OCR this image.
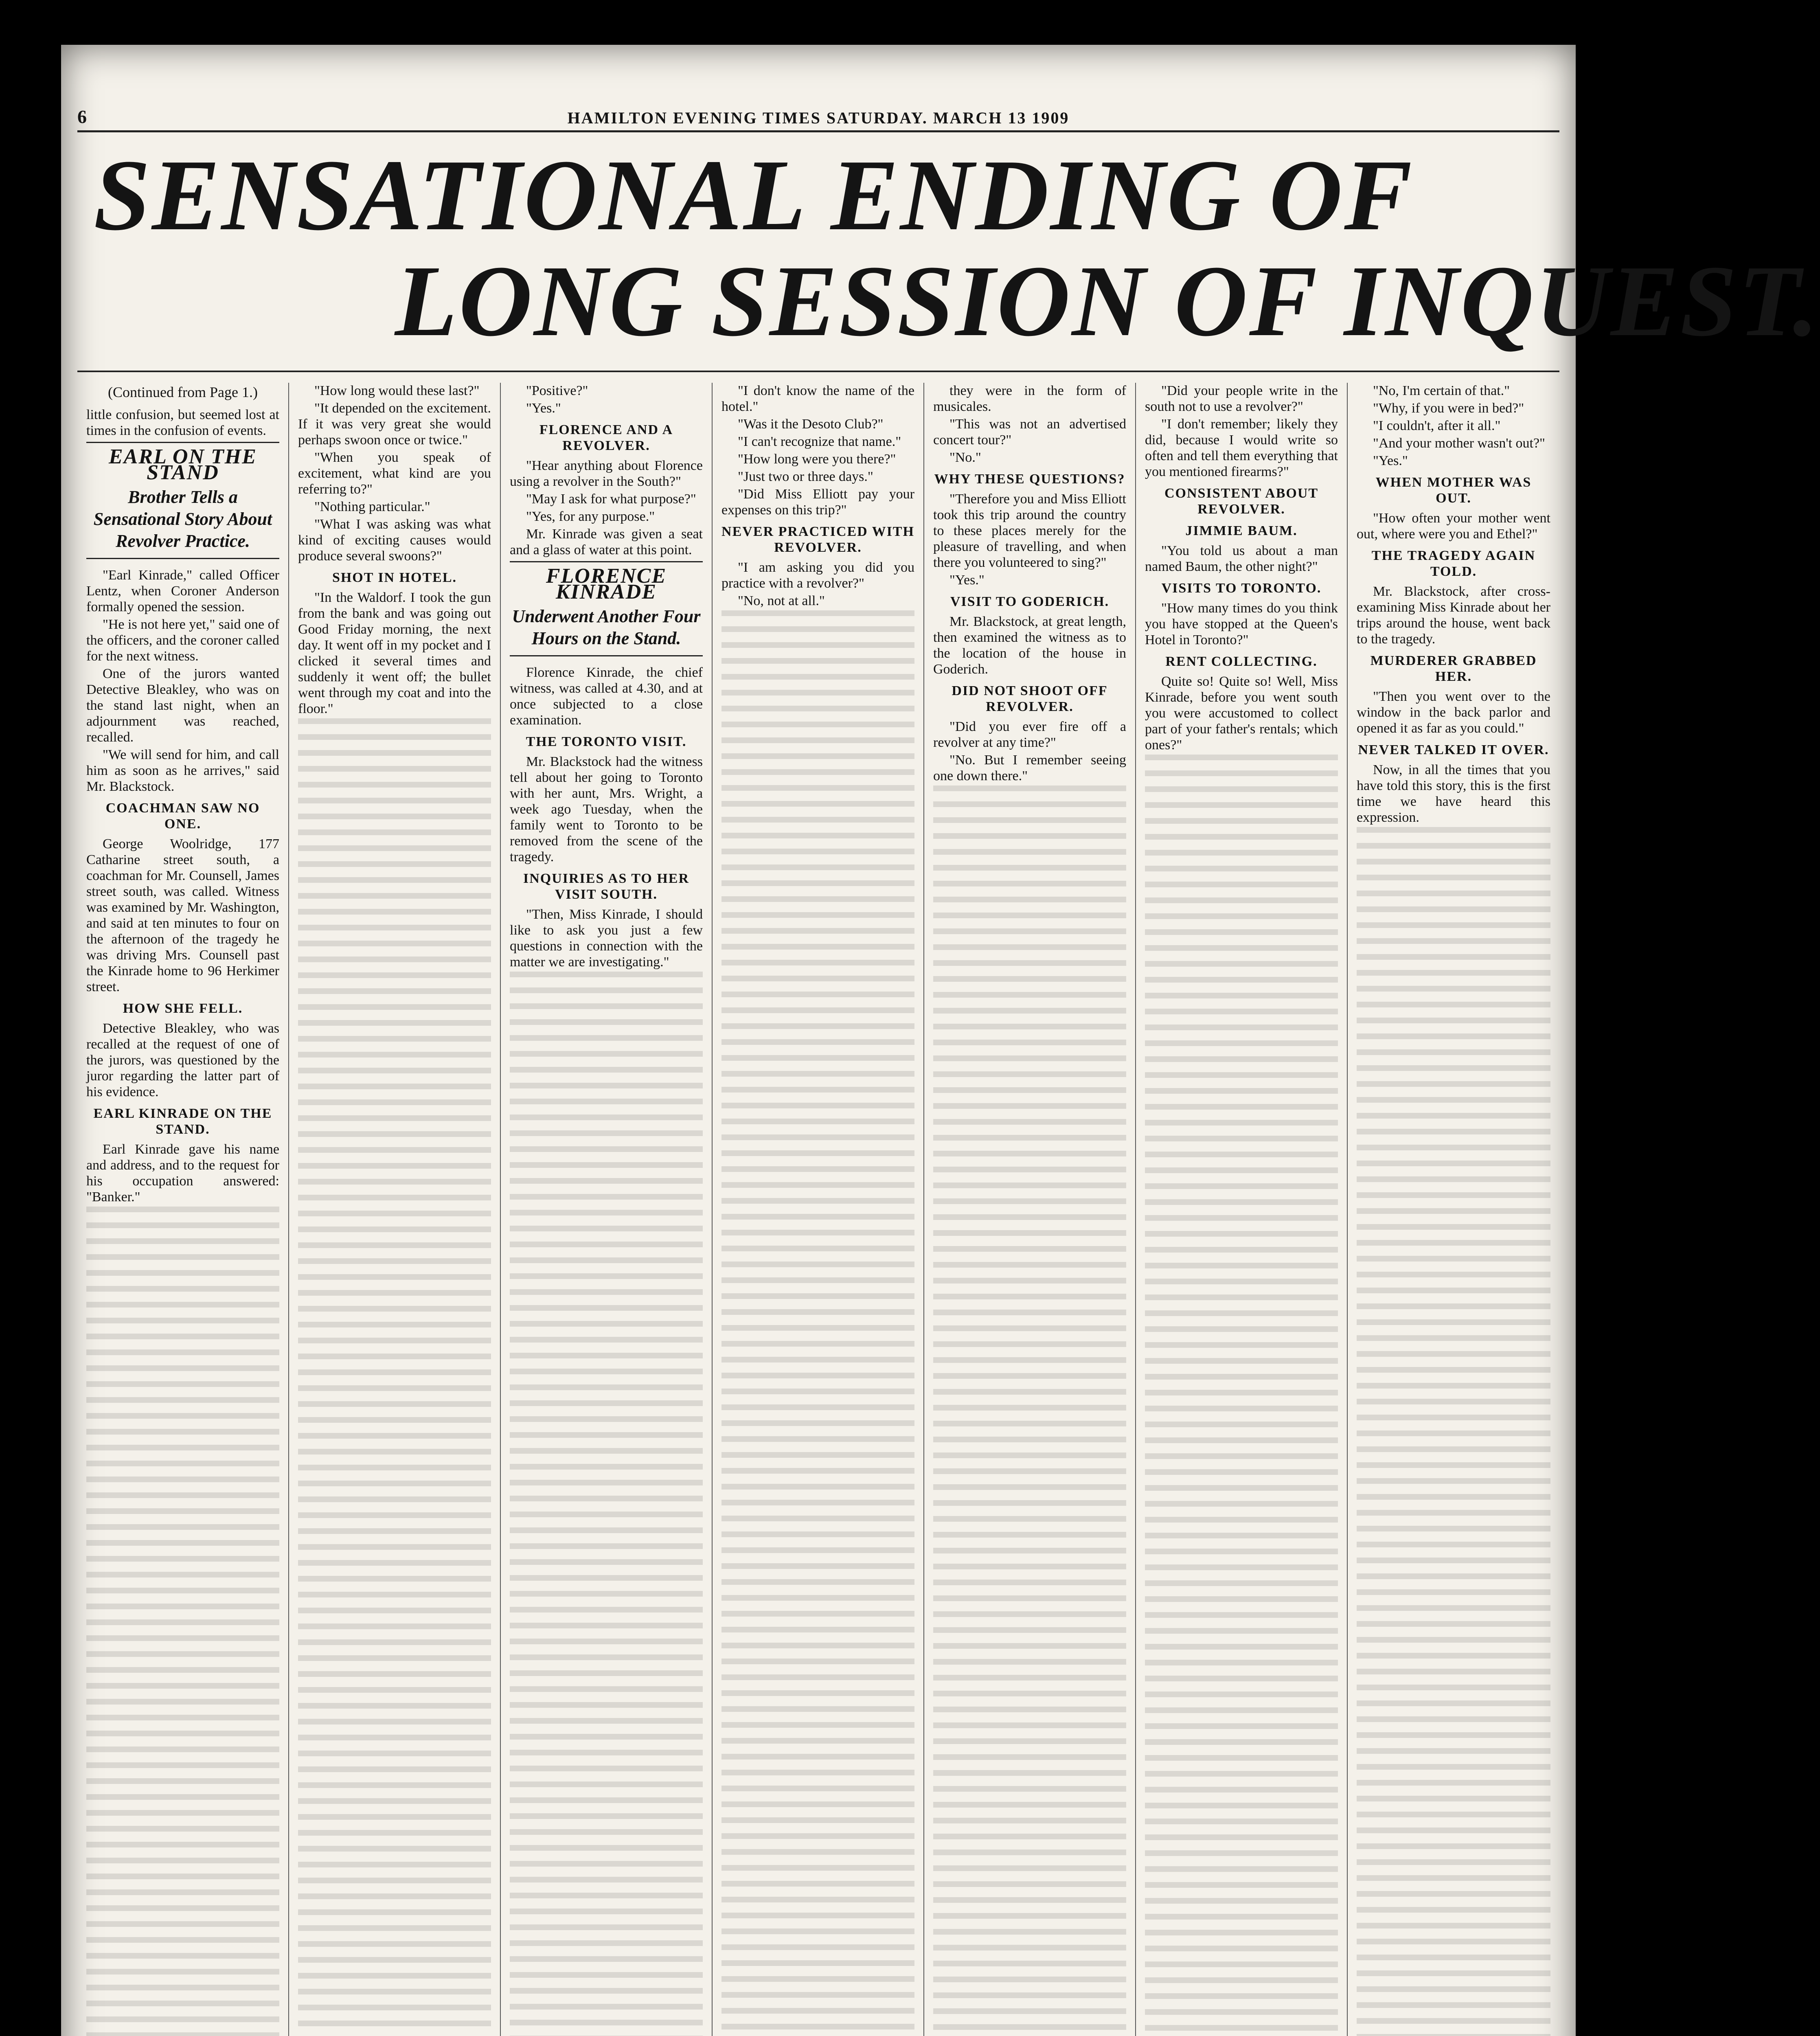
6	HAMILTON EVENING TIMES SATURDAY. MARCH 13 1909
SENSATIONAL ENDING OF
LONG SESSION OF INQUEST.
(Continued from Page 1.)

little confusion, but seemed lost at times in the confusion of events.

EARL ON THE STAND
Brother Tells a Sensational Story About Revolver Practice.

"Earl Kinrade," called Officer Lentz, when Coroner Anderson formally opened the session.

"He is not here yet," said one of the officers, and the coroner called for the next witness.

One of the jurors wanted Detective Bleakley, who was on the stand last night, when an adjournment was reached, recalled.

"We will send for him, and call him as soon as he arrives," said Mr. Blackstock.

COACHMAN SAW NO ONE.

George Woolridge, 177 Catharine street south, a coachman for Mr. Counsell, James street south, was called. Witness was examined by Mr. Washington, and said at ten minutes to four on the afternoon of the tragedy he was driving Mrs. Counsell past the Kinrade home to 96 Herkimer street.

HOW SHE FELL.

Detective Bleakley, who was recalled at the request of one of the jurors, was questioned by the juror regarding the latter part of his evidence.

EARL KINRADE ON THE STAND.

Earl Kinrade gave his name and address, and to the request for his occupation answered: "Banker."

"How long would these last?"

"It depended on the excitement. If it was very great she would perhaps swoon once or twice."

"When you speak of excitement, what kind are you referring to?"

"Nothing particular."

"What I was asking was what kind of exciting causes would produce several swoons?"

SHOT IN HOTEL.

"In the Waldorf. I took the gun from the bank and was going out Good Friday morning, the next day. It went off in my pocket and I clicked it several times and suddenly it went off; the bullet went through my coat and into the floor."

"Positive?"

"Yes."

FLORENCE AND A REVOLVER.

"Hear anything about Florence using a revolver in the South?"

"May I ask for what purpose?"

"Yes, for any purpose."

Mr. Kinrade was given a seat and a glass of water at this point.

FLORENCE KINRADE
Underwent Another Four Hours on the Stand.

Florence Kinrade, the chief witness, was called at 4.30, and at once subjected to a close examination.

THE TORONTO VISIT.

Mr. Blackstock had the witness tell about her going to Toronto with her aunt, Mrs. Wright, a week ago Tuesday, when the family went to Toronto to be removed from the scene of the tragedy.

INQUIRIES AS TO HER VISIT SOUTH.

"Then, Miss Kinrade, I should like to ask you just a few questions in connection with the matter we are investigating."

"I don't know the name of the hotel."

"Was it the Desoto Club?"

"I can't recognize that name."

"How long were you there?"

"Just two or three days."

"Did Miss Elliott pay your expenses on this trip?"

NEVER PRACTICED WITH REVOLVER.

"I am asking you did you practice with a revolver?"

"No, not at all."

they were in the form of musicales.

"This was not an advertised concert tour?"

"No."

WHY THESE QUESTIONS?

"Therefore you and Miss Elliott took this trip around the country to these places merely for the pleasure of travelling, and when there you volunteered to sing?"

"Yes."

VISIT TO GODERICH.

Mr. Blackstock, at great length, then examined the witness as to the location of the house in Goderich.

DID NOT SHOOT OFF REVOLVER.

"Did you ever fire off a revolver at any time?"

"No. But I remember seeing one down there."

"Did your people write in the south not to use a revolver?"

"I don't remember; likely they did, because I would write so often and tell them everything that you mentioned firearms?"

CONSISTENT ABOUT REVOLVER.
JIMMIE BAUM.

"You told us about a man named Baum, the other night?"

VISITS TO TORONTO.

"How many times do you think you have stopped at the Queen's Hotel in Toronto?"

RENT COLLECTING.

Quite so! Quite so! Well, Miss Kinrade, before you went south you were accustomed to collect part of your father's rentals; which ones?"

"No, I'm certain of that."

"Why, if you were in bed?"

"I couldn't, after it all."

"And your mother wasn't out?"

"Yes."

WHEN MOTHER WAS OUT.

"How often your mother went out, where were you and Ethel?"

THE TRAGEDY AGAIN TOLD.

Mr. Blackstock, after cross-examining Miss Kinrade about her trips around the house, went back to the tragedy.

MURDERER GRABBED HER.

"Then you went over to the window in the back parlor and opened it as far as you could."

NEVER TALKED IT OVER.

Now, in all the times that you have told this story, this is the first time we have heard this expression.
